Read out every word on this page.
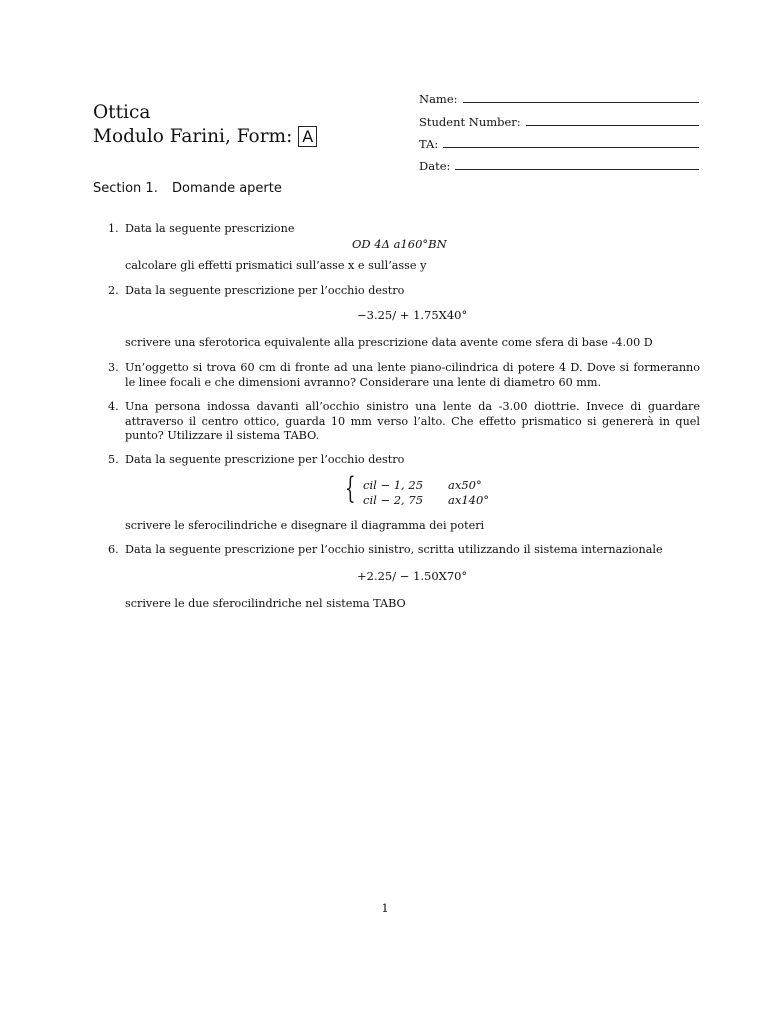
Ottica
Modulo Farini, Form: A
Name:
Student Number:
TA:
Date:
Section 1. Domande aperte
1. Data la seguente prescrizione
OD 4Δ a160°BN
calcolare gli effetti prismatici sull’asse x e sull’asse y
2. Data la seguente prescrizione per l’occhio destro
−3.25/ + 1.75X40°
scrivere una sferotorica equivalente alla prescrizione data avente come sfera di base -4.00 D
3. Un’oggetto si trova 60 cm di fronte ad una lente piano-cilindrica di potere 4 D. Dove si formeranno le linee focali e che dimensioni avranno? Considerare una lente di diametro 60 mm.
4. Una persona indossa davanti all’occhio sinistro una lente da -3.00 diottrie. Invece di guardare attraverso il centro ottico, guarda 10 mm verso l’alto. Che effetto prismatico si genererà in quel punto? Utilizzare il sistema TABO.
5. Data la seguente prescrizione per l’occhio destro
{ cil − 1, 25 ax50°
cil − 2, 75 ax140°
scrivere le sferocilindriche e disegnare il diagramma dei poteri
6. Data la seguente prescrizione per l’occhio sinistro, scritta utilizzando il sistema internazionale
+2.25/ − 1.50X70°
scrivere le due sferocilindriche nel sistema TABO
1
